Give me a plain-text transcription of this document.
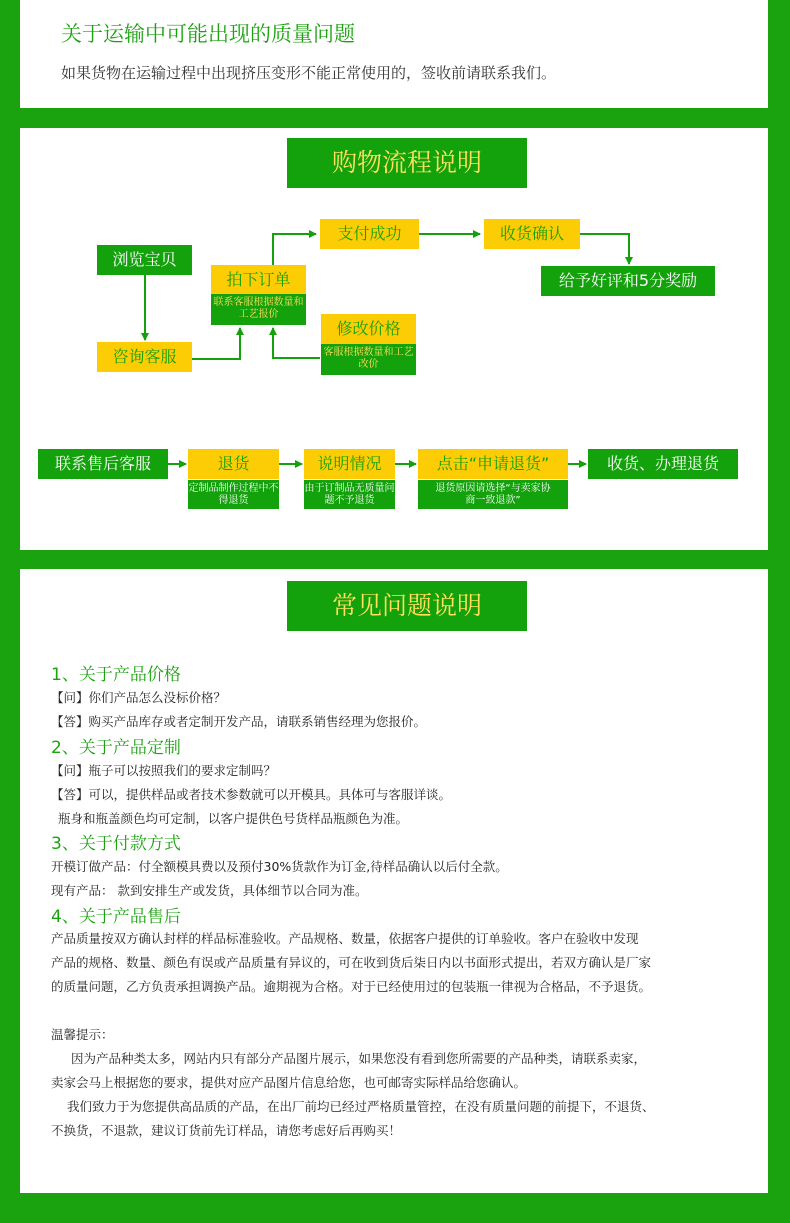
关于运输中可能出现的质量问题
如果货物在运输过程中出现挤压变形不能正常使用的，签收前请联系我们。
购物流程说明
浏览宝贝
咨询客服
拍下订单
联系客服根据数量和工艺报价
支付成功	收货确认
给予好评和5分奖励
修改价格
客服根据数量和工艺改价
联系售后客服	退货
定制品制作过程中不得退货
说明情况
由于订制品无质量问题不予退货
点击“申请退货”
退货原因请选择“与卖家协商一致退款”
收货、办理退货
常见问题说明
1、关于产品价格
【问】你们产品怎么没标价格？
【答】购买产品库存或者定制开发产品，请联系销售经理为您报价。
2、关于产品定制
【问】瓶子可以按照我们的要求定制吗？
【答】可以，提供样品或者技术参数就可以开模具。具体可与客服详谈。
瓶身和瓶盖颜色均可定制，以客户提供色号货样品瓶颜色为准。
3、关于付款方式
开模订做产品：付全额模具费以及预付30%货款作为订金,待样品确认以后付全款。
现有产品： 款到安排生产或发货，具体细节以合同为准。
4、关于产品售后
产品质量按双方确认封样的样品标准验收。产品规格、数量，依据客户提供的订单验收。客户在验收中发现
产品的规格、数量、颜色有误或产品质量有异议的，可在收到货后柒日内以书面形式提出，若双方确认是厂家
的质量问题，乙方负责承担调换产品。逾期视为合格。对于已经使用过的包装瓶一律视为合格品，不予退货。
温馨提示：
因为产品种类太多，网站内只有部分产品图片展示，如果您没有看到您所需要的产品种类，请联系卖家，
卖家会马上根据您的要求，提供对应产品图片信息给您，也可邮寄实际样品给您确认。
我们致力于为您提供高品质的产品，在出厂前均已经过严格质量管控，在没有质量问题的前提下，不退货、
不换货，不退款，建议订货前先订样品，请您考虑好后再购买！
